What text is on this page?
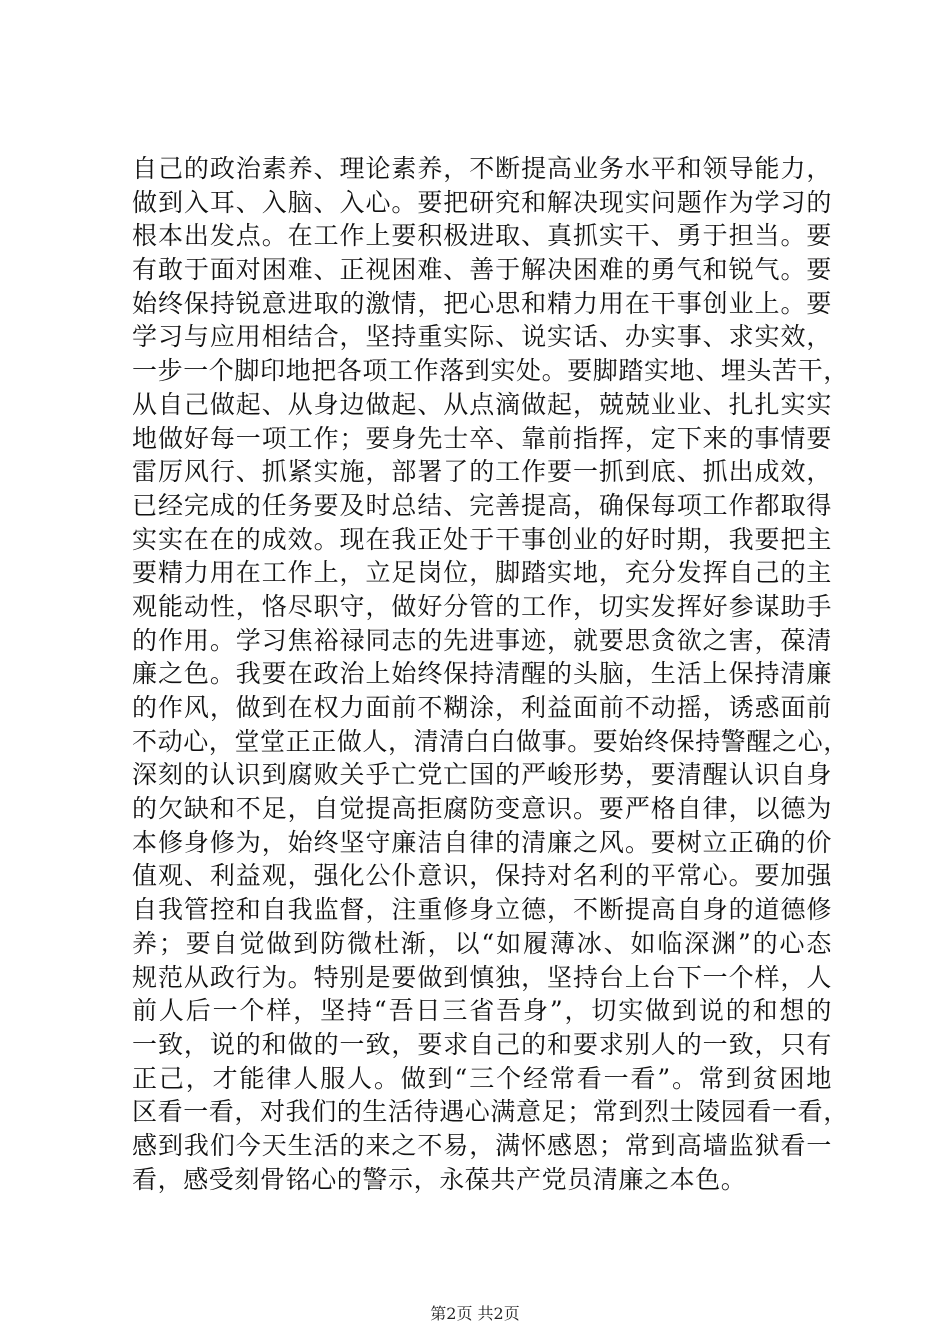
自己的政治素养、理论素养，不断提高业务水平和领导能力，
做到入耳、入脑、入心。要把研究和解决现实问题作为学习的
根本出发点。在工作上要积极进取、真抓实干、勇于担当。要
有敢于面对困难、正视困难、善于解决困难的勇气和锐气。要
始终保持锐意进取的激情，把心思和精力用在干事创业上。要
学习与应用相结合，坚持重实际、说实话、办实事、求实效，
一步一个脚印地把各项工作落到实处。要脚踏实地、埋头苦干，
从自己做起、从身边做起、从点滴做起，兢兢业业、扎扎实实
地做好每一项工作；要身先士卒、靠前指挥，定下来的事情要
雷厉风行、抓紧实施，部署了的工作要一抓到底、抓出成效，
已经完成的任务要及时总结、完善提高，确保每项工作都取得
实实在在的成效。现在我正处于干事创业的好时期，我要把主
要精力用在工作上，立足岗位，脚踏实地，充分发挥自己的主
观能动性，恪尽职守，做好分管的工作，切实发挥好参谋助手
的作用。学习焦裕禄同志的先进事迹，就要思贪欲之害，葆清
廉之色。我要在政治上始终保持清醒的头脑，生活上保持清廉
的作风，做到在权力面前不糊涂，利益面前不动摇，诱惑面前
不动心，堂堂正正做人，清清白白做事。要始终保持警醒之心，
深刻的认识到腐败关乎亡党亡国的严峻形势，要清醒认识自身
的欠缺和不足，自觉提高拒腐防变意识。要严格自律，以德为
本修身修为，始终坚守廉洁自律的清廉之风。要树立正确的价
值观、利益观，强化公仆意识，保持对名利的平常心。要加强
自我管控和自我监督，注重修身立德，不断提高自身的道德修
养；要自觉做到防微杜渐，以“如履薄冰、如临深渊”的心态
规范从政行为。特别是要做到慎独，坚持台上台下一个样，人
前人后一个样，坚持“吾日三省吾身”，切实做到说的和想的
一致，说的和做的一致，要求自己的和要求别人的一致，只有
正己，才能律人服人。做到“三个经常看一看”。常到贫困地
区看一看，对我们的生活待遇心满意足；常到烈士陵园看一看，
感到我们今天生活的来之不易，满怀感恩；常到高墙监狱看一
看，感受刻骨铭心的警示，永葆共产党员清廉之本色。
第2页 共2页
